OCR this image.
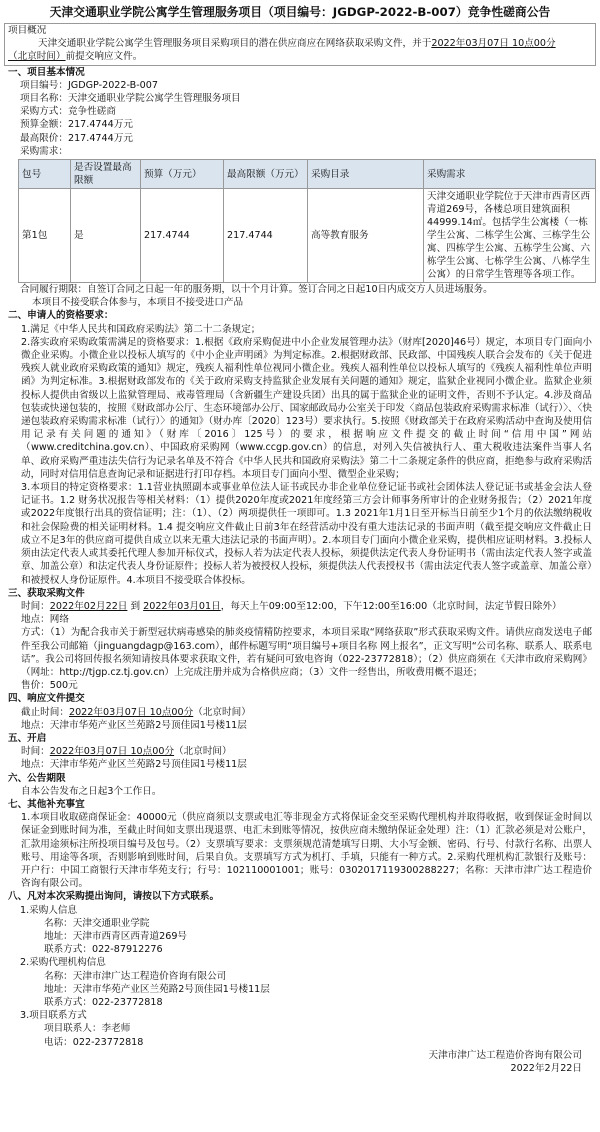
天津交通职业学院公寓学生管理服务项目（项目编号：JGDGP-2022-B-007）竞争性磋商公告
项目概况
天津交通职业学院公寓学生管理服务项目采购项目的潜在供应商应在网络获取采购文件，并于2022年03月07日 10点00分
（北京时间）前提交响应文件。
一、项目基本情况
项目编号：JGDGP-2022-B-007
项目名称：天津交通职业学院公寓学生管理服务项目
采购方式：竞争性磋商
预算金额：217.4744万元
最高限价：217.4744万元
采购需求：
包号	是否设置最高限额	预算（万元）	最高限额（万元）	采购目录	采购需求
第1包	是	217.4744	217.4744	高等教育服务	天津交通职业学院位于天津市西青区西青道269号，各楼总项目建筑面积44999.14㎡。包括学生公寓楼（一栋学生公寓、二栋学生公寓、三栋学生公寓、四栋学生公寓、五栋学生公寓、六栋学生公寓、七栋学生公寓、八栋学生公寓）的日常学生管理等各项工作。
合同履行期限：自签订合同之日起一年的服务期，以十个月计算。签订合同之日起10日内成交方人员进场服务。
本项目不接受联合体参与，本项目不接受进口产品
二、申请人的资格要求：
1.满足《中华人民共和国政府采购法》第二十二条规定；
2.落实政府采购政策需满足的资格要求：1.根据《政府采购促进中小企业发展管理办法》（财库[2020]46号）规定，本项目专门面向小微企业采购。小微企业以投标人填写的《中小企业声明函》为判定标准。2.根据财政部、民政部、中国残疾人联合会发布的《关于促进残疾人就业政府采购政策的通知》规定，残疾人福利性单位视同小微企业。残疾人福利性单位以投标人填写的《残疾人福利性单位声明函》为判定标准。3.根据财政部发布的《关于政府采购支持监狱企业发展有关问题的通知》规定，监狱企业视同小微企业。监狱企业须投标人提供由省级以上监狱管理局、戒毒管理局（含新疆生产建设兵团）出具的属于监狱企业的证明文件，否则不予认定。4.涉及商品包装或快递包装的，按照《财政部办公厅、生态环境部办公厅、国家邮政局办公室关于印发〈商品包装政府采购需求标准（试行）〉、〈快递包装政府采购需求标准（试行）〉的通知》（财办库〔2020〕123号）要求执行。5.按照《财政部关于在政府采购活动中查询及使用信用记录有关问题的通知》（财库〔2016〕125号）的要求，根据响应文件提交的截止时间“信用中国”网站（www.creditchina.gov.cn）、中国政府采购网（www.ccgp.gov.cn）的信息，对列入失信被执行人、重大税收违法案件当事人名单、政府采购严重违法失信行为记录名单及不符合《中华人民共和国政府采购法》第二十二条规定条件的供应商，拒绝参与政府采购活动，同时对信用信息查询记录和证据进行打印存档。本项目专门面向小型、微型企业采购；
3.本项目的特定资格要求：1.1营业执照副本或事业单位法人证书或民办非企业单位登记证书或社会团体法人登记证书或基金会法人登记证书。1.2 财务状况报告等相关材料：（1）提供2020年度或2021年度经第三方会计师事务所审计的企业财务报告；（2）2021年度或2022年度银行出具的资信证明；注：（1）、（2）两项提供任一项即可。1.3 2021年1月1日至开标当日前至少1个月的依法缴纳税收和社会保险费的相关证明材料。1.4 提交响应文件截止日前3年在经营活动中没有重大违法记录的书面声明（截至提交响应文件截止日成立不足3年的供应商可提供自成立以来无重大违法记录的书面声明）。2.本项目专门面向小微企业采购，提供相应证明材料。3.投标人须由法定代表人或其委托代理人参加开标仪式，投标人若为法定代表人投标，须提供法定代表人身份证明书（需由法定代表人签字或盖章、加盖公章）和法定代表人身份证原件；投标人若为被授权人投标，须提供法人代表授权书（需由法定代表人签字或盖章、加盖公章）和被授权人身份证原件。4.本项目不接受联合体投标。
三、获取采购文件
时间：2022年02月22日 到 2022年03月01日，每天上午09:00至12:00，下午12:00至16:00（北京时间，法定节假日除外）
地点：网络
方式：（1）为配合我市关于新型冠状病毒感染的肺炎疫情精防控要求，本项目采取“网络获取”形式获取采购文件。请供应商发送电子邮件至我公司邮箱（jinguangdagp@163.com），邮件标题写明“项目编号+项目名称 网上报名”，正文写明“公司名称、联系人、联系电话”。我公司将回传报名须知请按具体要求获取文件，若有疑问可致电咨询（022-23772818）；（2）供应商须在《天津市政府采购网》（网址：http://tjgp.cz.tj.gov.cn）上完成注册并成为合格供应商；（3）文件一经售出，所收费用概不退还；
售价：500元
四、响应文件提交
截止时间：2022年03月07日 10点00分（北京时间）
地点：天津市华苑产业区兰苑路2号顶佳园1号楼11层
五、开启
时间：2022年03月07日 10点00分（北京时间）
地点：天津市华苑产业区兰苑路2号顶佳园1号楼11层
六、公告期限
自本公告发布之日起3个工作日。
七、其他补充事宜
1.本项目收取磋商保证金：40000元（供应商须以支票或电汇等非现金方式将保证金交至采购代理机构并取得收据，收到保证金时间以保证金到账时间为准，至截止时间如支票出现退票、电汇未到账等情况，按供应商未缴纳保证金处理）注：（1）汇款必须是对公账户，汇款用途须标注所投项目编号及包号。（2）支票填写要求：支票须规范清楚填写日期、大小写金额、密码、行号、付款行名称、出票人账号、用途等各项，否则影响到账时间，后果自负。支票填写方式为机打、手填，只能有一种方式。2.采购代理机构汇款银行及账号：开户行：中国工商银行天津市华苑支行；行号：102110001001；账号：0302017119300288227；名称：天津市津广达工程造价咨询有限公司。
八、凡对本次采购提出询问，请按以下方式联系。
1.采购人信息
名称：天津交通职业学院
地址：天津市西青区西青道269号
联系方式：022-87912276
2.采购代理机构信息
名称：天津市津广达工程造价咨询有限公司
地址：天津市华苑产业区兰苑路2号顶佳园1号楼11层
联系方式：022-23772818
3.项目联系方式
项目联系人：李老师
电话：022-23772818
天津市津广达工程造价咨询有限公司
2022年2月22日
